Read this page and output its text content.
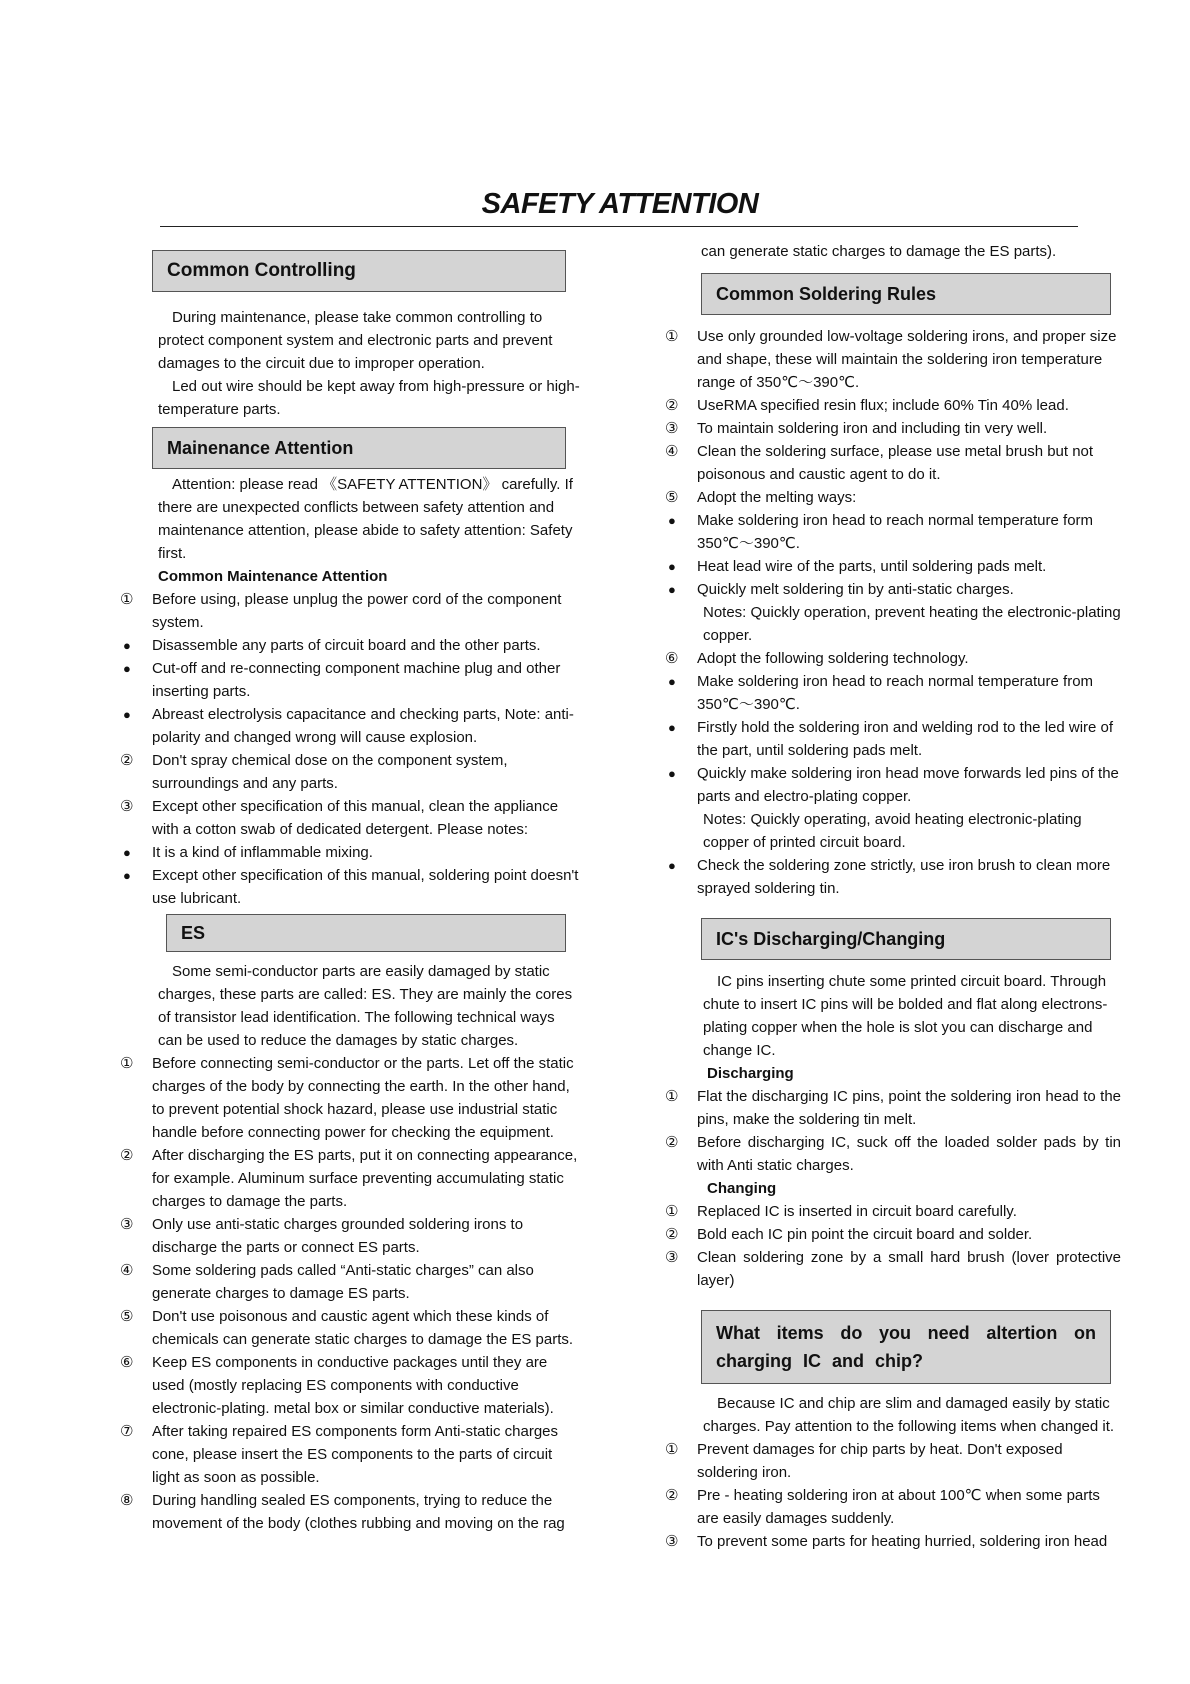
SAFETY ATTENTION
Common Controlling

During maintenance, please take common controlling to protect component system and electronic parts and prevent damages to the circuit due to improper operation.

Led out wire should be kept away from high-pressure or high-temperature parts.

Mainenance Attention

Attention: please read 《SAFETY ATTENTION》 carefully. If there are unexpected conflicts between safety attention and maintenance attention, please abide to safety attention: Safety first.

Common Maintenance Attention
①	Before using, please unplug the power cord of the component system.
●	Disassemble any parts of circuit board and the other parts.
●	Cut-off and re-connecting component machine plug and other inserting parts.
●	Abreast electrolysis capacitance and checking parts, Note: anti-polarity and changed wrong will cause explosion.
②	Don't spray chemical dose on the component system, surroundings and any parts.
③	Except other specification of this manual, clean the appliance with a cotton swab of dedicated detergent. Please notes:
●	It is a kind of inflammable mixing.
●	Except other specification of this manual, soldering point doesn't use lubricant.
ES

Some semi-conductor parts are easily damaged by static charges, these parts are called: ES. They are mainly the cores of transistor lead identification. The following technical ways can be used to reduce the damages by static charges.

①	Before connecting semi-conductor or the parts. Let off the static charges of the body by connecting the earth. In the other hand, to prevent potential shock hazard, please use industrial static handle before connecting power for checking the equipment.
②	After discharging the ES parts, put it on connecting appearance, for example. Aluminum surface preventing accumulating static charges to damage the parts.
③	Only use anti-static charges grounded soldering irons to discharge the parts or connect ES parts.
④	Some soldering pads called “Anti-static charges” can also generate charges to damage ES parts.
⑤	Don't use poisonous and caustic agent which these kinds of chemicals can generate static charges to damage the ES parts.
⑥	Keep ES components in conductive packages until they are used (mostly replacing ES components with conductive electronic-plating. metal box or similar conductive materials).
⑦	After taking repaired ES components form Anti-static charges cone, please insert the ES components to the parts of circuit light as soon as possible.
⑧	During handling sealed ES components, trying to reduce the movement of the body (clothes rubbing and moving on the rag
can generate static charges to damage the ES parts).
Common Soldering Rules
①	Use only grounded low-voltage soldering irons, and proper size and shape, these will maintain the soldering iron temperature range of 350℃～390℃.
②	UseRMA specified resin flux; include 60% Tin 40% lead.
③	To maintain soldering iron and including tin very well.
④	Clean the soldering surface, please use metal brush but not poisonous and caustic agent to do it.
⑤	Adopt the melting ways:
●	Make soldering iron head to reach normal temperature form 350℃～390℃.
●	Heat lead wire of the parts, until soldering pads melt.
●	Quickly melt soldering tin by anti-static charges.
Notes: Quickly operation, prevent heating the electronic-plating copper.
⑥	Adopt the following soldering technology.
●	Make soldering iron head to reach normal temperature from 350℃～390℃.
●	Firstly hold the soldering iron and welding rod to the led wire of the part, until soldering pads melt.
●	Quickly make soldering iron head move forwards led pins of the parts and electro-plating copper.
Notes: Quickly operating, avoid heating electronic-plating copper of printed circuit board.
●	Check the soldering zone strictly, use iron brush to clean more sprayed soldering tin.
IC's Discharging/Changing

IC pins inserting chute some printed circuit board. Through chute to insert IC pins will be bolded and flat along electrons-plating copper when the hole is slot you can discharge and change IC.

Discharging
①	Flat the discharging IC pins, point the soldering iron head to the pins, make the soldering tin melt.
②	Before discharging IC, suck off the loaded solder pads by tin with Anti static charges.
Changing
①	Replaced IC is inserted in circuit board carefully.
②	Bold each IC pin point the circuit board and solder.
③	Clean soldering zone by a small hard brush (lover protective layer)
What items do you need altertion on charging IC and chip?

Because IC and chip are slim and damaged easily by static charges. Pay attention to the following items when changed it.

①	Prevent damages for chip parts by heat. Don't exposed soldering iron.
②	Pre - heating soldering iron at about 100℃ when some parts are easily damages suddenly.
③	To prevent some parts for heating hurried, soldering iron head
